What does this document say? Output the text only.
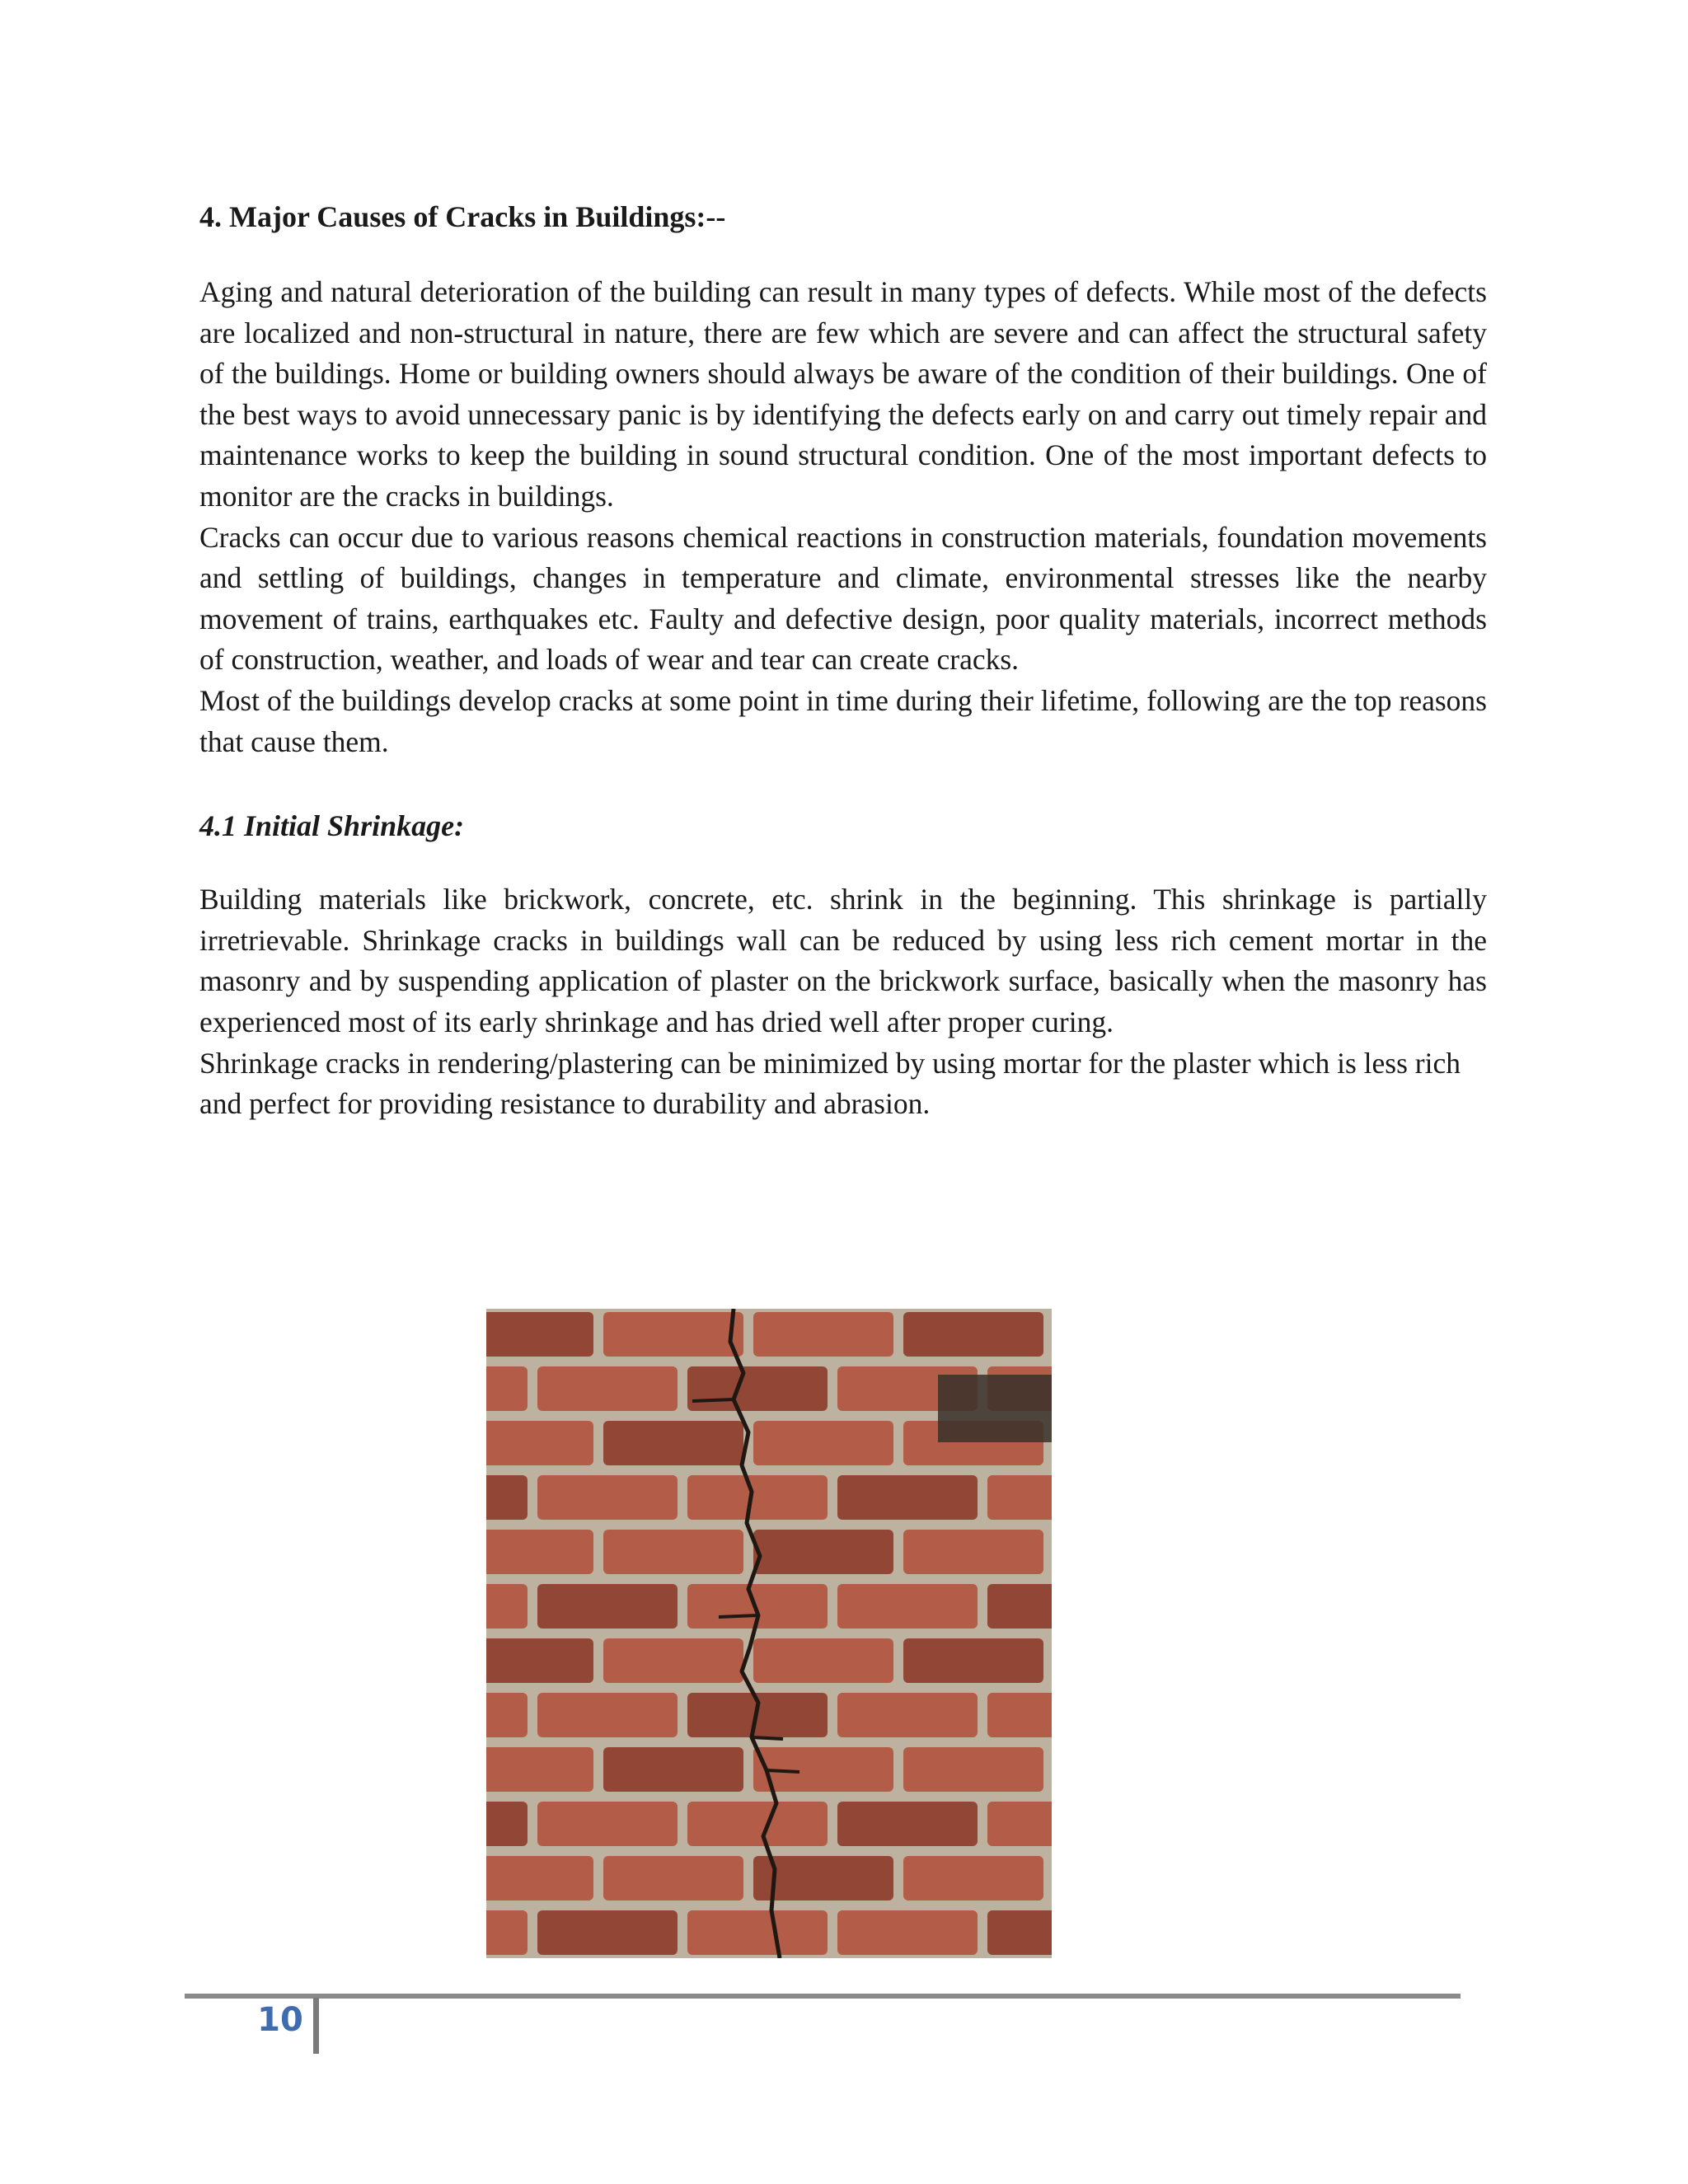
4. Major Causes of Cracks in Buildings:--

Aging and natural deterioration of the building can result in many types of defects. While most of the defects are localized and non-structural in nature, there are few which are severe and can affect the structural safety of the buildings. Home or building owners should always be aware of the condition of their buildings. One of the best ways to avoid unnecessary panic is by identifying the defects early on and carry out timely repair and maintenance works to keep the building in sound structural condition. One of the most important defects to monitor are the cracks in buildings.

Cracks can occur due to various reasons chemical reactions in construction materials, foundation movements and settling of buildings, changes in temperature and climate, environmental stresses like the nearby movement of trains, earthquakes etc. Faulty and defective design, poor quality materials, incorrect methods of construction, weather, and loads of wear and tear can create cracks.

Most of the buildings develop cracks at some point in time during their lifetime, following are the top reasons that cause them.

4.1 Initial Shrinkage:

Building materials like brickwork, concrete, etc. shrink in the beginning. This shrinkage is partially irretrievable. Shrinkage cracks in buildings wall can be reduced by using less rich cement mortar in the masonry and by suspending application of plaster on the brickwork surface, basically when the masonry has experienced most of its early shrinkage and has dried well after proper curing.

Shrinkage cracks in rendering/plastering can be minimized by using mortar for the plaster which is less rich and perfect for providing resistance to durability and abrasion.

10
